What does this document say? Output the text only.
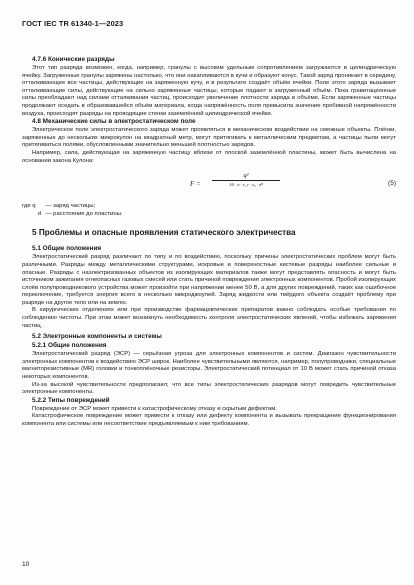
ГОСТ IEC TR 61340-1—2023
4.7.6 Конические разряды

Этот тип разряда возможен, когда, например, гранулы с высоким удельным сопротивлением загружаются в цилиндрическую ячейку. Загруженные гранулы заряжены настолько, что они накапливаются в кучи и образуют конус. Такой заряд проникает в середину, отталкивающее все частицы, действующие на заряженную кучу, и в результате создаёт объём ячейки. Поле этого заряда вызывает отталкивающие силы, действующие на сильно заряженные частицы, которые падают в загруженный объём. Пока гравитационные силы преобладают над силами отталкивания частиц, происходит увеличение плотности заряда в объёме. Если заряженные частицы продолжают оседать в образовавшейся объём материала, когда напряжённость поля превысила значение пробивной напряжённости воздуха, происходят разряды на проводящие стенки заземлённой цилиндрической ячейки.

4.8 Механические силы в электростатическом поле

Электрическое поле электростатического заряда может проявляться в механическом воздействии на смежные объекты. Плёнки, заряженные до нескольких микрокулон на квадратный метр, могут притягивать к металлическим предметам, а частицы пыли могут притягиваться полями, обусловленными значительно меньшей плотностью зарядов.

Например, сила, действующая на заряженную частицу вблизи от плоской заземлённой пластины, может быть вычислена на основании закона Кулона:

F =
q²
16 · π · ε_r · ε₀ · d²	(5)

где q — заряд частицы;

d — расстояние до пластины.

5 Проблемы и опасные проявления статического электричества
5.1 Общие положения

Электростатический разряд различают по типу и по воздействию, поскольку причины электростатических проблем могут быть различными. Разряды между металлическими структурами, искровые и поверхностные кистевые разряды наиболее сильные и опасные. Разряды с наэлектризованных объектов из изолирующих материалов также могут представлять опасность и могут быть источником зажигания огнеопасных газовых смесей или стать причиной повреждения электронных компонентов. Пробой изолирующих слоёв полупроводникового устройства может произойти при напряжении менее 50 В, а для других повреждений, таких как ошибочное переключение, требуется энергия всего в несколько микроджоулей. Заряд жидкости или твёрдого объекта создаёт проблему при разряде на другое тело или на землю.

В хирургических отделениях или при производстве фармацевтических препаратов важно соблюдать особые требования по соблюдению чистоты. При этом может возникнуть необходимость контроля электростатических явлений, чтобы избежать заряжения частиц.

5.2 Электронные компоненты и системы
5.2.1 Общие положения

Электростатический разряд (ЭСР) — серьёзная угроза для электронных компонентов и систем. Диапазон чувствительности электронных компонентов к воздействию ЭСР широк. Наиболее чувствительными являются, например, полупроводники, специальные магниторезистивные (MR) головки и тонкоплёночные резисторы. Электростатический потенциал от 10 В может стать причиной отказа некоторых компонентов.

Из-за высокой чувствительности предполагают, что все типы электростатических разрядов могут повредить чувствительные электронные компоненты.

5.2.2 Типы повреждений

Повреждение от ЭСР может привести к катастрофическому отказу и скрытым дефектам.

Катастрофическое повреждение может привести к отказу или дефекту компонента и вызывать прекращение функционирования компонента или системы или несоответствие предъявляемым к ним требованиям.

10
